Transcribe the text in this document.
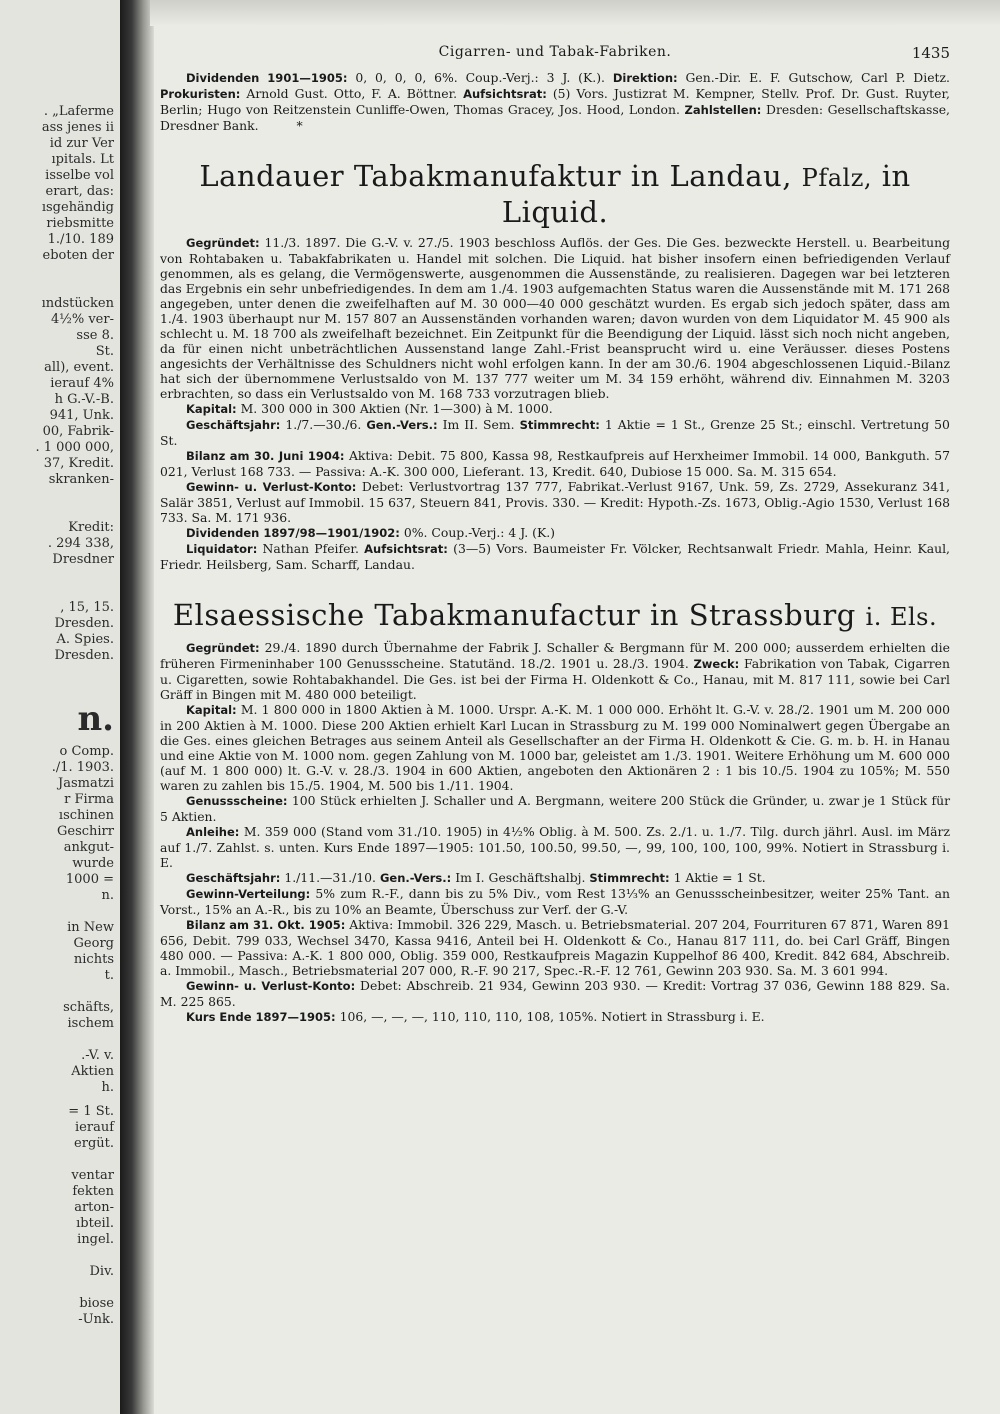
. „Laferme
ass jenes ii
id zur Ver
ıpitals. Lt
isselbe vol
erart, das:
ısgehändig
riebsmitte
1./10. 189
eboten der
ındstücken
4½% ver-
sse 8.
St.
all), event.
ierauf 4%
h G.-V.-B.
941, Unk.
00, Fabrik-
. 1 000 000,
37, Kredit.
skranken-
Kredit:
. 294 338,
Dresdner
, 15, 15.
Dresden.
A. Spies.
Dresden.
n.
o Comp.
./1. 1903.
Jasmatzi
r Firma
ıschinen
Geschirr
ankgut-
wurde
1000 =
n.
in New
Georg
nichts
t.
schäfts,
ischem
.-V. v.
Aktien
h.
= 1 St.
ierauf
ergüt.
ventar
fekten
arton-
ıbteil.
ingel.
Div.
biose
-Unk.
Cigarren- und Tabak-Fabriken.	1435

Dividenden 1901—1905: 0, 0, 0, 0, 6%. Coup.-Verj.: 3 J. (K.). Direktion: Gen.-Dir. E. F. Gutschow, Carl P. Dietz. Prokuristen: Arnold Gust. Otto, F. A. Böttner. Aufsichtsrat: (5) Vors. Justizrat M. Kempner, Stellv. Prof. Dr. Gust. Ruyter, Berlin; Hugo von Reitzenstein Cunliffe-Owen, Thomas Gracey, Jos. Hood, London. Zahlstellen: Dresden: Gesellschaftskasse, Dresdner Bank.	*

Landauer Tabakmanufaktur in Landau, Pfalz, in Liquid.

Gegründet: 11./3. 1897. Die G.-V. v. 27./5. 1903 beschloss Auflös. der Ges. Die Ges. bezweckte Herstell. u. Bearbeitung von Rohtabaken u. Tabakfabrikaten u. Handel mit solchen. Die Liquid. hat bisher insofern einen befriedigenden Verlauf genommen, als es gelang, die Vermögenswerte, ausgenommen die Aussenstände, zu realisieren. Dagegen war bei letzteren das Ergebnis ein sehr unbefriedigendes. In dem am 1./4. 1903 aufgemachten Status waren die Aussenstände mit M. 171 268 angegeben, unter denen die zweifelhaften auf M. 30 000—40 000 geschätzt wurden. Es ergab sich jedoch später, dass am 1./4. 1903 überhaupt nur M. 157 807 an Aussenständen vorhanden waren; davon wurden von dem Liquidator M. 45 900 als schlecht u. M. 18 700 als zweifelhaft bezeichnet. Ein Zeitpunkt für die Beendigung der Liquid. lässt sich noch nicht angeben, da für einen nicht unbeträchtlichen Aussenstand lange Zahl.-Frist beansprucht wird u. eine Veräusser. dieses Postens angesichts der Verhältnisse des Schuldners nicht wohl erfolgen kann. In der am 30./6. 1904 abgeschlossenen Liquid.-Bilanz hat sich der übernommene Verlustsaldo von M. 137 777 weiter um M. 34 159 erhöht, während div. Einnahmen M. 3203 erbrachten, so dass ein Verlustsaldo von M. 168 733 vorzutragen blieb.

Kapital: M. 300 000 in 300 Aktien (Nr. 1—300) à M. 1000.

Geschäftsjahr: 1./7.—30./6. Gen.-Vers.: Im II. Sem. Stimmrecht: 1 Aktie = 1 St., Grenze 25 St.; einschl. Vertretung 50 St.

Bilanz am 30. Juni 1904: Aktiva: Debit. 75 800, Kassa 98, Restkaufpreis auf Herxheimer Immobil. 14 000, Bankguth. 57 021, Verlust 168 733. — Passiva: A.-K. 300 000, Lieferant. 13, Kredit. 640, Dubiose 15 000. Sa. M. 315 654.

Gewinn- u. Verlust-Konto: Debet: Verlustvortrag 137 777, Fabrikat.-Verlust 9167, Unk. 59, Zs. 2729, Assekuranz 341, Salär 3851, Verlust auf Immobil. 15 637, Steuern 841, Provis. 330. — Kredit: Hypoth.-Zs. 1673, Oblig.-Agio 1530, Verlust 168 733. Sa. M. 171 936.

Dividenden 1897/98—1901/1902: 0%. Coup.-Verj.: 4 J. (K.)

Liquidator: Nathan Pfeifer. Aufsichtsrat: (3—5) Vors. Baumeister Fr. Völcker, Rechtsanwalt Friedr. Mahla, Heinr. Kaul, Friedr. Heilsberg, Sam. Scharff, Landau.

Elsaessische Tabakmanufactur in Strassburg i. Els.

Gegründet: 29./4. 1890 durch Übernahme der Fabrik J. Schaller & Bergmann für M. 200 000; ausserdem erhielten die früheren Firmeninhaber 100 Genussscheine. Statutänd. 18./2. 1901 u. 28./3. 1904. Zweck: Fabrikation von Tabak, Cigarren u. Cigaretten, sowie Rohtabakhandel. Die Ges. ist bei der Firma H. Oldenkott & Co., Hanau, mit M. 817 111, sowie bei Carl Gräff in Bingen mit M. 480 000 beteiligt.

Kapital: M. 1 800 000 in 1800 Aktien à M. 1000. Urspr. A.-K. M. 1 000 000. Erhöht lt. G.-V. v. 28./2. 1901 um M. 200 000 in 200 Aktien à M. 1000. Diese 200 Aktien erhielt Karl Lucan in Strassburg zu M. 199 000 Nominalwert gegen Übergabe an die Ges. eines gleichen Betrages aus seinem Anteil als Gesellschafter an der Firma H. Oldenkott & Cie. G. m. b. H. in Hanau und eine Aktie von M. 1000 nom. gegen Zahlung von M. 1000 bar, geleistet am 1./3. 1901. Weitere Erhöhung um M. 600 000 (auf M. 1 800 000) lt. G.-V. v. 28./3. 1904 in 600 Aktien, angeboten den Aktionären 2 : 1 bis 10./5. 1904 zu 105%; M. 550 waren zu zahlen bis 15./5. 1904, M. 500 bis 1./11. 1904.

Genussscheine: 100 Stück erhielten J. Schaller und A. Bergmann, weitere 200 Stück die Gründer, u. zwar je 1 Stück für 5 Aktien.

Anleihe: M. 359 000 (Stand vom 31./10. 1905) in 4½% Oblig. à M. 500. Zs. 2./1. u. 1./7. Tilg. durch jährl. Ausl. im März auf 1./7. Zahlst. s. unten. Kurs Ende 1897—1905: 101.50, 100.50, 99.50, —, 99, 100, 100, 100, 99%. Notiert in Strassburg i. E.

Geschäftsjahr: 1./11.—31./10. Gen.-Vers.: Im I. Geschäftshalbj. Stimmrecht: 1 Aktie = 1 St.

Gewinn-Verteilung: 5% zum R.-F., dann bis zu 5% Div., vom Rest 13⅓% an Genussscheinbesitzer, weiter 25% Tant. an Vorst., 15% an A.-R., bis zu 10% an Beamte, Überschuss zur Verf. der G.-V.

Bilanz am 31. Okt. 1905: Aktiva: Immobil. 326 229, Masch. u. Betriebsmaterial. 207 204, Fourrituren 67 871, Waren 891 656, Debit. 799 033, Wechsel 3470, Kassa 9416, Anteil bei H. Oldenkott & Co., Hanau 817 111, do. bei Carl Gräff, Bingen 480 000. — Passiva: A.-K. 1 800 000, Oblig. 359 000, Restkaufpreis Magazin Kuppelhof 86 400, Kredit. 842 684, Abschreib. a. Immobil., Masch., Betriebsmaterial 207 000, R.-F. 90 217, Spec.-R.-F. 12 761, Gewinn 203 930. Sa. M. 3 601 994.

Gewinn- u. Verlust-Konto: Debet: Abschreib. 21 934, Gewinn 203 930. — Kredit: Vortrag 37 036, Gewinn 188 829. Sa. M. 225 865.

Kurs Ende 1897—1905: 106, —, —, —, 110, 110, 110, 108, 105%. Notiert in Strassburg i. E.
